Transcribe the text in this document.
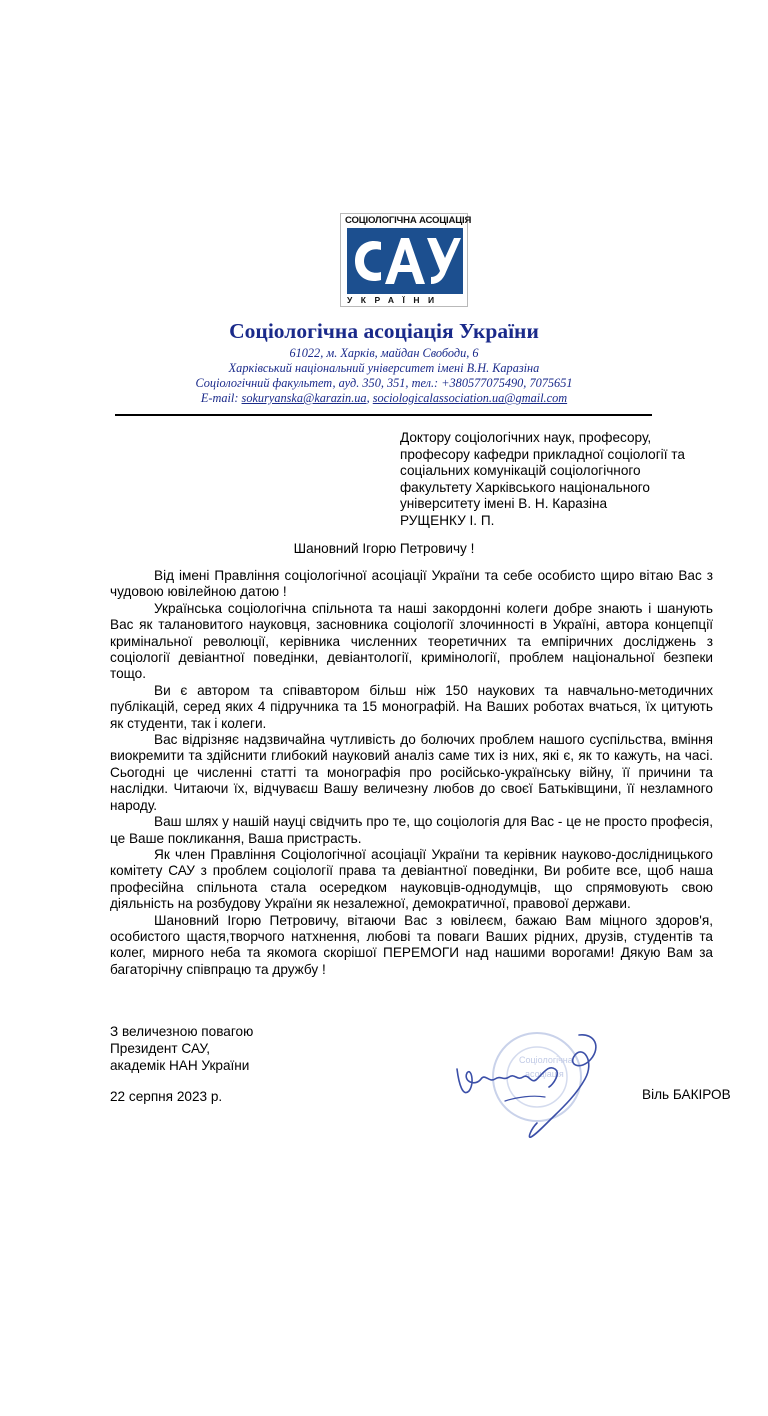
СОЦІОЛОГІЧНА АСОЦІАЦІЯ
УКРАЇНИ
Соціологічна асоціація України
61022, м. Харків, майдан Свободи, 6
Харківський національний університет імені В.Н. Каразіна
Соціологічний факультет, ауд. 350, 351, тел.: +380577075490, 7075651
E-mail: sokuryanska@karazin.ua, sociologicalassociation.ua@gmail.com
Доктору соціологічних наук, професору,
професору кафедри прикладної соціології та
соціальних комунікацій соціологічного
факультету Харківського національного
університету імені В. Н. Каразіна
РУЩЕНКУ І. П.
Шановний Ігорю Петровичу !

Від імені Правління соціологічної асоціації України та себе особисто щиро вітаю Вас з чудовою ювілейною датою !

Українська соціологічна спільнота та наші закордонні колеги добре знають і шанують Вас як талановитого науковця, засновника соціології злочинності в Україні, автора концепції кримінальної революції, керівника численних теоретичних та емпіричних досліджень з соціології девіантної поведінки, девіантології, кримінології, проблем національної безпеки тощо.

Ви є автором та співавтором більш ніж 150 наукових та навчально-методичних публікацій, серед яких 4 підручника та 15 монографій. На Ваших роботах вчаться, їх цитують як студенти, так і колеги.

Вас відрізняє надзвичайна чутливість до болючих проблем нашого суспільства, вміння виокремити та здійснити глибокий науковий аналіз саме тих із них, які є, як то кажуть, на часі. Сьогодні це численні статті та монографія про російсько-українську війну, її причини та наслідки. Читаючи їх, відчуваєш Вашу величезну любов до своєї Батьківщини, її незламного народу.

Ваш шлях у нашій науці свідчить про те, що соціологія для Вас - це не просто професія, це Ваше покликання, Ваша пристрасть.

Як член Правління Соціологічної асоціації України та керівник науково-дослідницького комітету САУ з проблем соціології права та девіантної поведінки, Ви робите все, щоб наша професійна спільнота стала осередком науковців-однодумців, що спрямовують свою діяльність на розбудову України як незалежної, демократичної, правової держави.

Шановний Ігорю Петровичу, вітаючи Вас з ювілеєм, бажаю Вам міцного здоров'я, особистого щастя,творчого натхнення, любові та поваги Ваших рідних, друзів, студентів та колег, мирного неба та якомога скорішої ПЕРЕМОГИ над нашими ворогами! Дякую Вам за багаторічну співпрацю та дружбу !

З величезною повагою
Президент САУ,
академік НАН України
22 серпня 2023 р.
Соціологічна
асоціація
Віль БАКІРОВ
